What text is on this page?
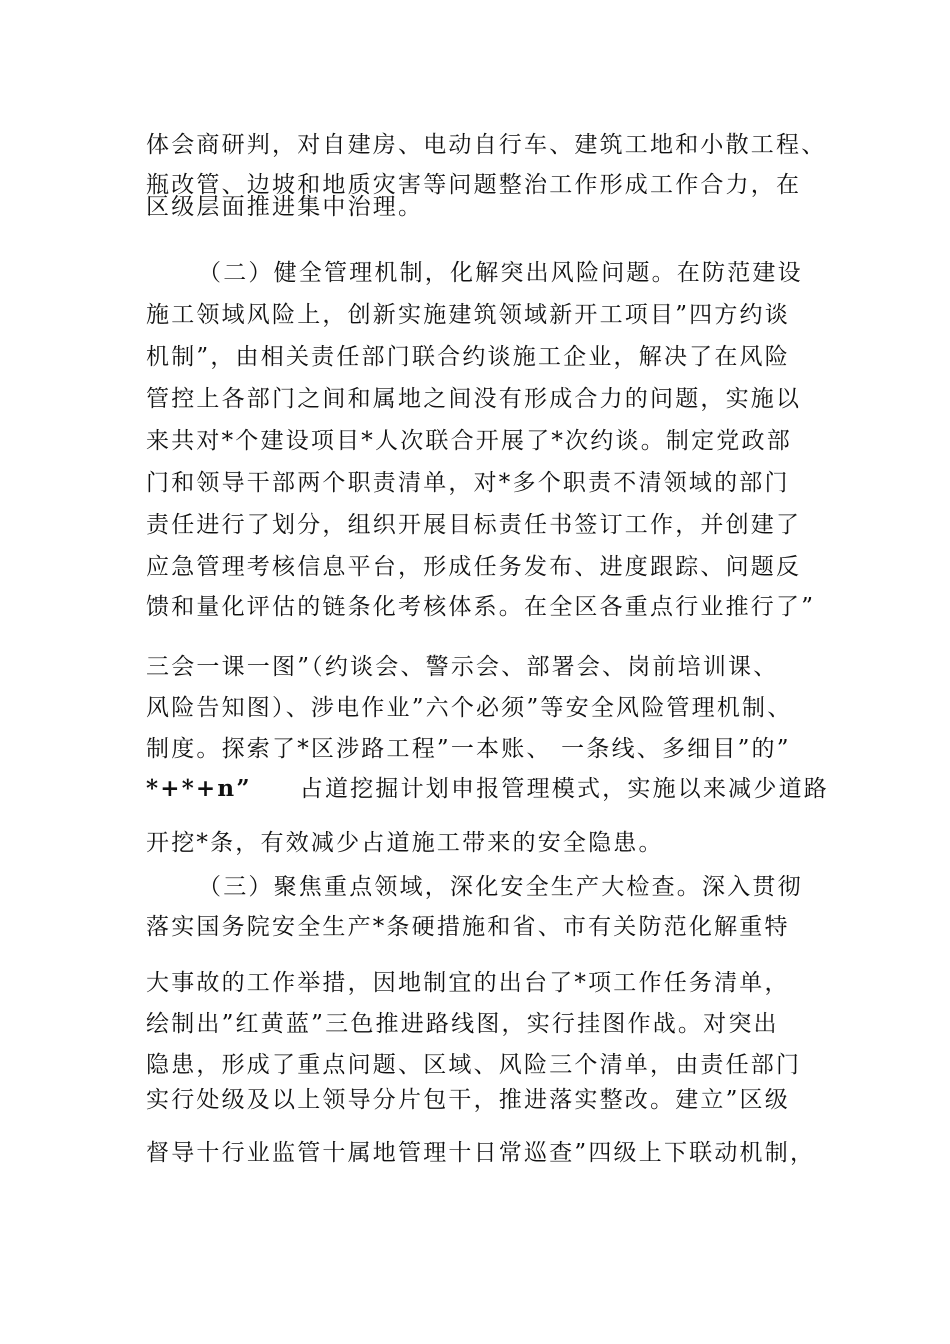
体会商研判，对自建房、电动自行车、建筑工地和小散工程、

瓶改管、边坡和地质灾害等问题整治工作形成工作合力，在

区级层面推进集中治理。

（二）健全管理机制，化解突出风险问题。在防范建设

施工领域风险上，创新实施建筑领域新开工项目”四方约谈

机制”，由相关责任部门联合约谈施工企业，解决了在风险

管控上各部门之间和属地之间没有形成合力的问题，实施以

来共对*个建设项目*人次联合开展了*次约谈。制定党政部

门和领导干部两个职责清单，对*多个职责不清领域的部门

责任进行了划分，组织开展目标责任书签订工作，并创建了

应急管理考核信息平台，形成任务发布、进度跟踪、问题反

馈和量化评估的链条化考核体系。在全区各重点行业推行了”

三会一课一图”（约谈会、警示会、部署会、岗前培训课、

风险告知图）、涉电作业”六个必须”等安全风险管理机制、

制度。探索了*区涉路工程”一本账、 一条线、多细目”的”

*+*+n” 占道挖掘计划申报管理模式，实施以来减少道路

开挖*条，有效减少占道施工带来的安全隐患。

（三）聚焦重点领域，深化安全生产大检查。深入贯彻

落实国务院安全生产*条硬措施和省、市有关防范化解重特

大事故的工作举措，因地制宜的出台了*项工作任务清单，

绘制出”红黄蓝”三色推进路线图，实行挂图作战。对突出

隐患，形成了重点问题、区域、风险三个清单，由责任部门

实行处级及以上领导分片包干，推进落实整改。建立”区级

督导十行业监管十属地管理十日常巡查”四级上下联动机制，
